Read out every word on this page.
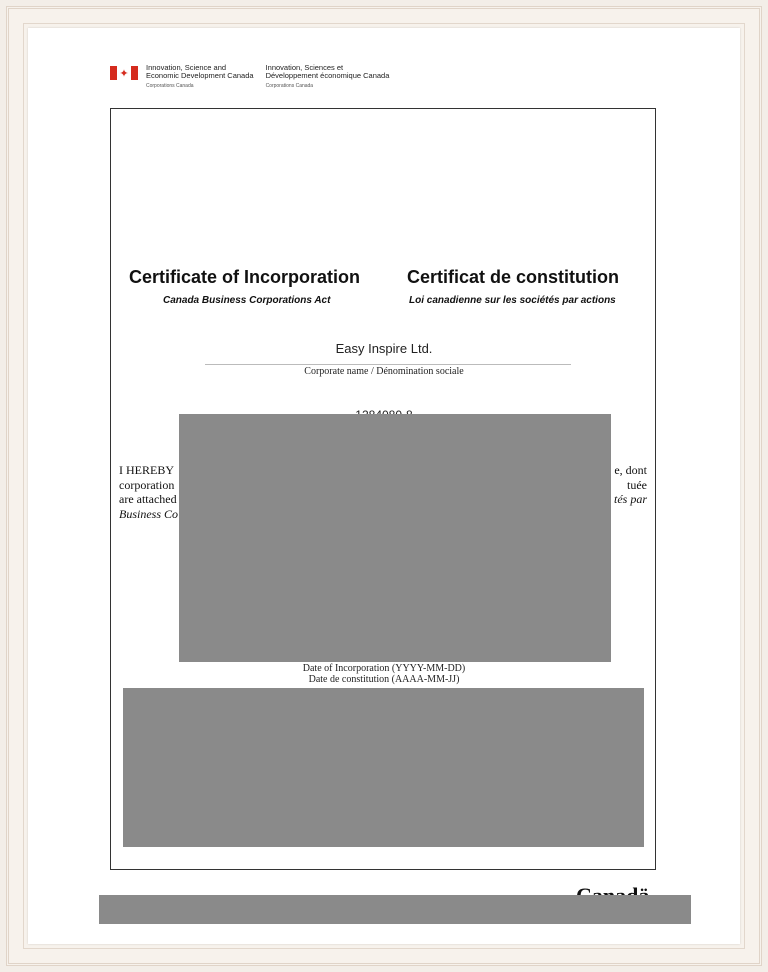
✦	Innovation, Science and
Economic Development Canada
Corporations Canada
Innovation, Sciences et
Développement économique Canada
Corporations Canada
Certificate of Incorporation	Certificat de constitution
Canada Business Corporations Act	Loi canadienne sur les sociétés par actions
Easy Inspire Ltd.
Corporate name / Dénomination sociale
I HEREBY	e, dont
corporation	tuée
are attached	tés par
Business Co
Date of Incorporation (YYYY-MM-DD)
Date de constitution (AAAA-MM-JJ)
